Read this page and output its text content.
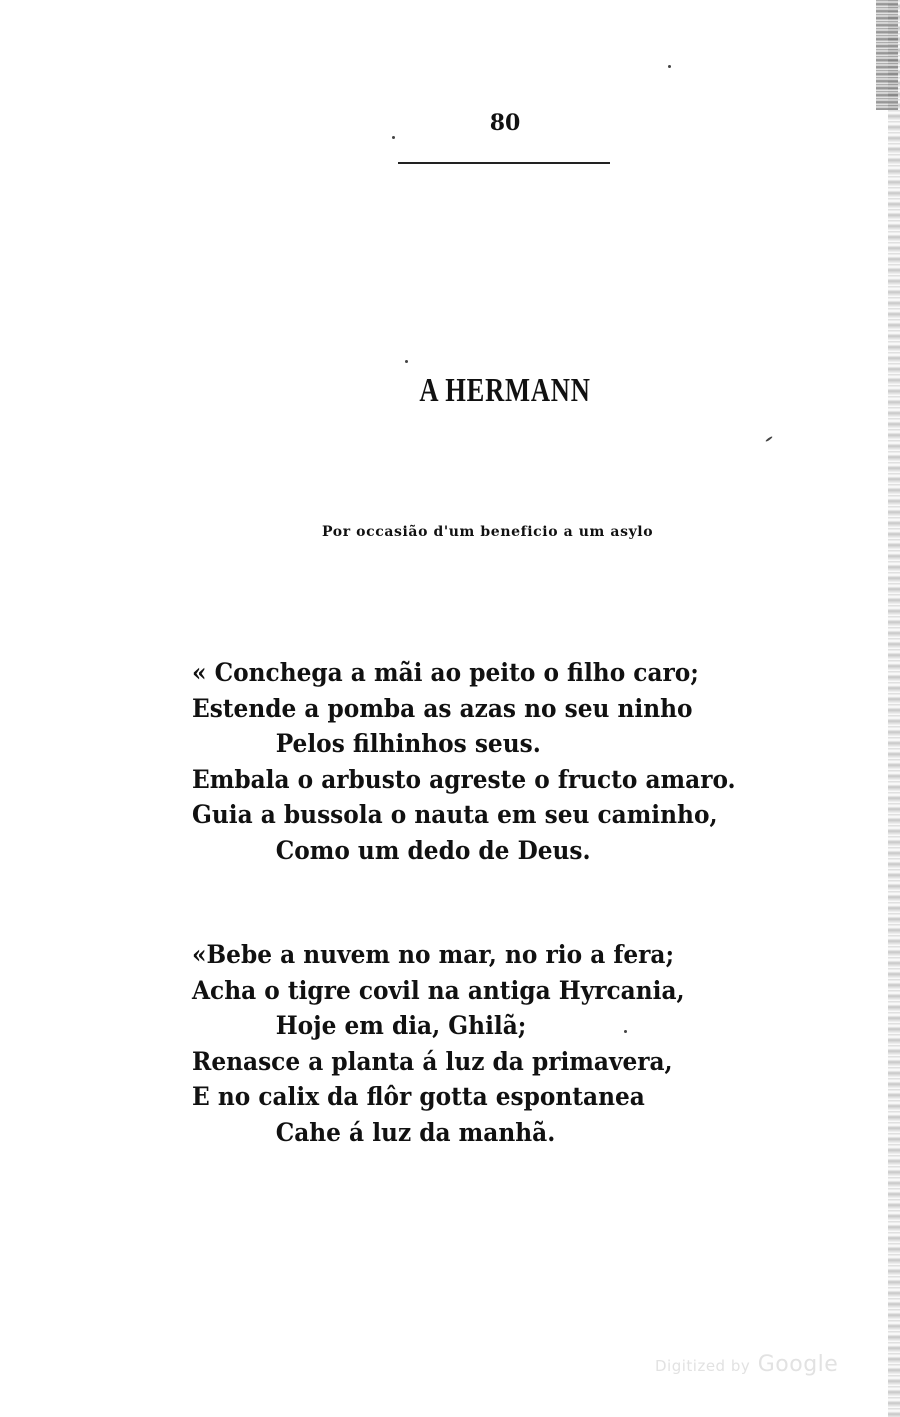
80
A HERMANN
Por occasião d'um beneficio a um asylo
« Conchega a mãi ao peito o filho caro;
Estende a pomba as azas no seu ninho
Pelos filhinhos seus.
Embala o arbusto agreste o fructo amaro.
Guia a bussola o nauta em seu caminho,
Como um dedo de Deus.
«Bebe a nuvem no mar, no rio a fera;
Acha o tigre covil na antiga Hyrcania,
Hoje em dia, Ghilã;
Renasce a planta á luz da primavera,
E no calix da flôr gotta espontanea
Cahe á luz da manhã.
Digitized by Google
